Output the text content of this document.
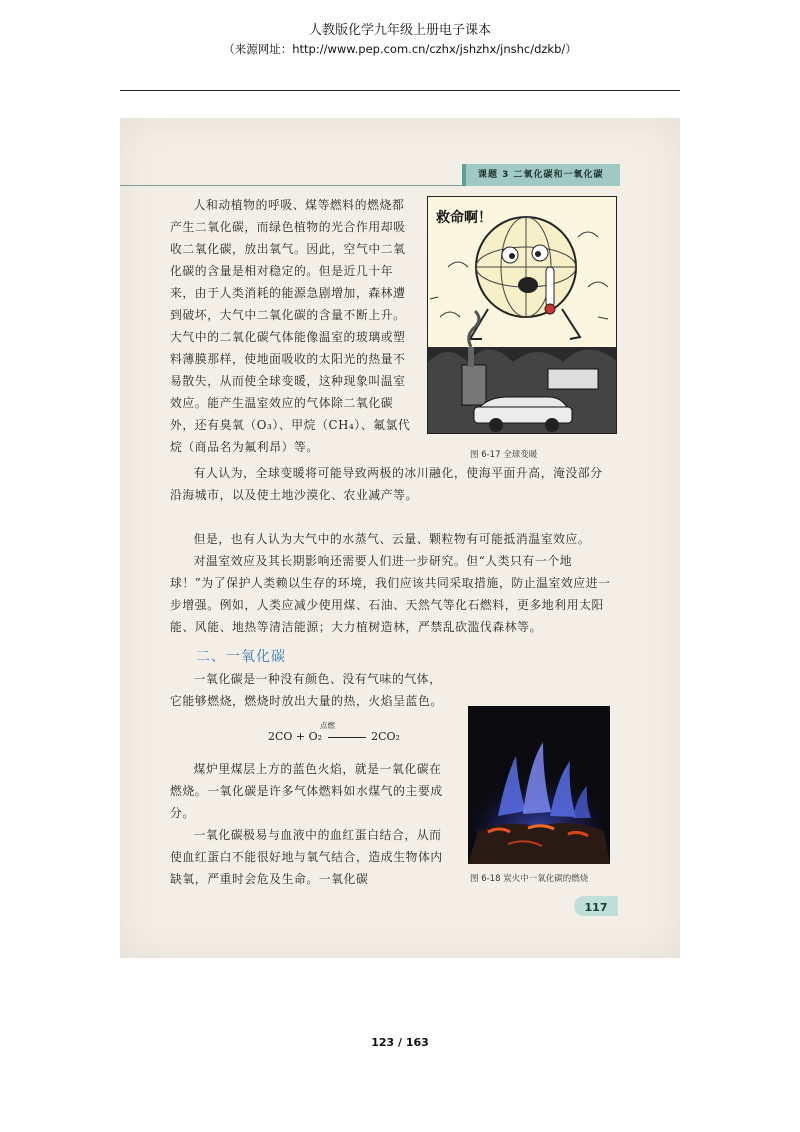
人教版化学九年级上册电子课本
（来源网址：http://www.pep.com.cn/czhx/jshzhx/jnshc/dzkb/）
课题 3 二氧化碳和一氧化碳

人和动植物的呼吸、煤等燃料的燃烧都产生二氧化碳，而绿色植物的光合作用却吸收二氧化碳，放出氧气。因此，空气中二氧化碳的含量是相对稳定的。但是近几十年来，由于人类消耗的能源急剧增加，森林遭到破坏，大气中二氧化碳的含量不断上升。大气中的二氧化碳气体能像温室的玻璃或塑料薄膜那样，使地面吸收的太阳光的热量不易散失，从而使全球变暖，这种现象叫温室效应。能产生温室效应的气体除二氧化碳外，还有臭氧（O₃）、甲烷（CH₄）、氟氯代烷（商品名为氟利昂）等。

救命啊！
图 6-17 全球变暖

有人认为，全球变暖将可能导致两极的冰川融化，使海平面升高，淹没部分沿海城市，以及使土地沙漠化、农业减产等。

但是，也有人认为大气中的水蒸气、云量、颗粒物有可能抵消温室效应。

对温室效应及其长期影响还需要人们进一步研究。但“人类只有一个地球！”为了保护人类赖以生存的环境，我们应该共同采取措施，防止温室效应进一步增强。例如，人类应减少使用煤、石油、天然气等化石燃料，更多地利用太阳能、风能、地热等清洁能源；大力植树造林，严禁乱砍滥伐森林等。

二、一氧化碳

一氧化碳是一种没有颜色、没有气味的气体，它能够燃烧，燃烧时放出大量的热，火焰呈蓝色。

2CO + O₂
点燃
2CO₂

煤炉里煤层上方的蓝色火焰，就是一氧化碳在燃烧。一氧化碳是许多气体燃料如水煤气的主要成分。

一氧化碳极易与血液中的血红蛋白结合，从而使血红蛋白不能很好地与氧气结合，造成生物体内缺氧，严重时会危及生命。一氧化碳	图 6-18 炭火中一氧化碳的燃烧
117
123 / 163
